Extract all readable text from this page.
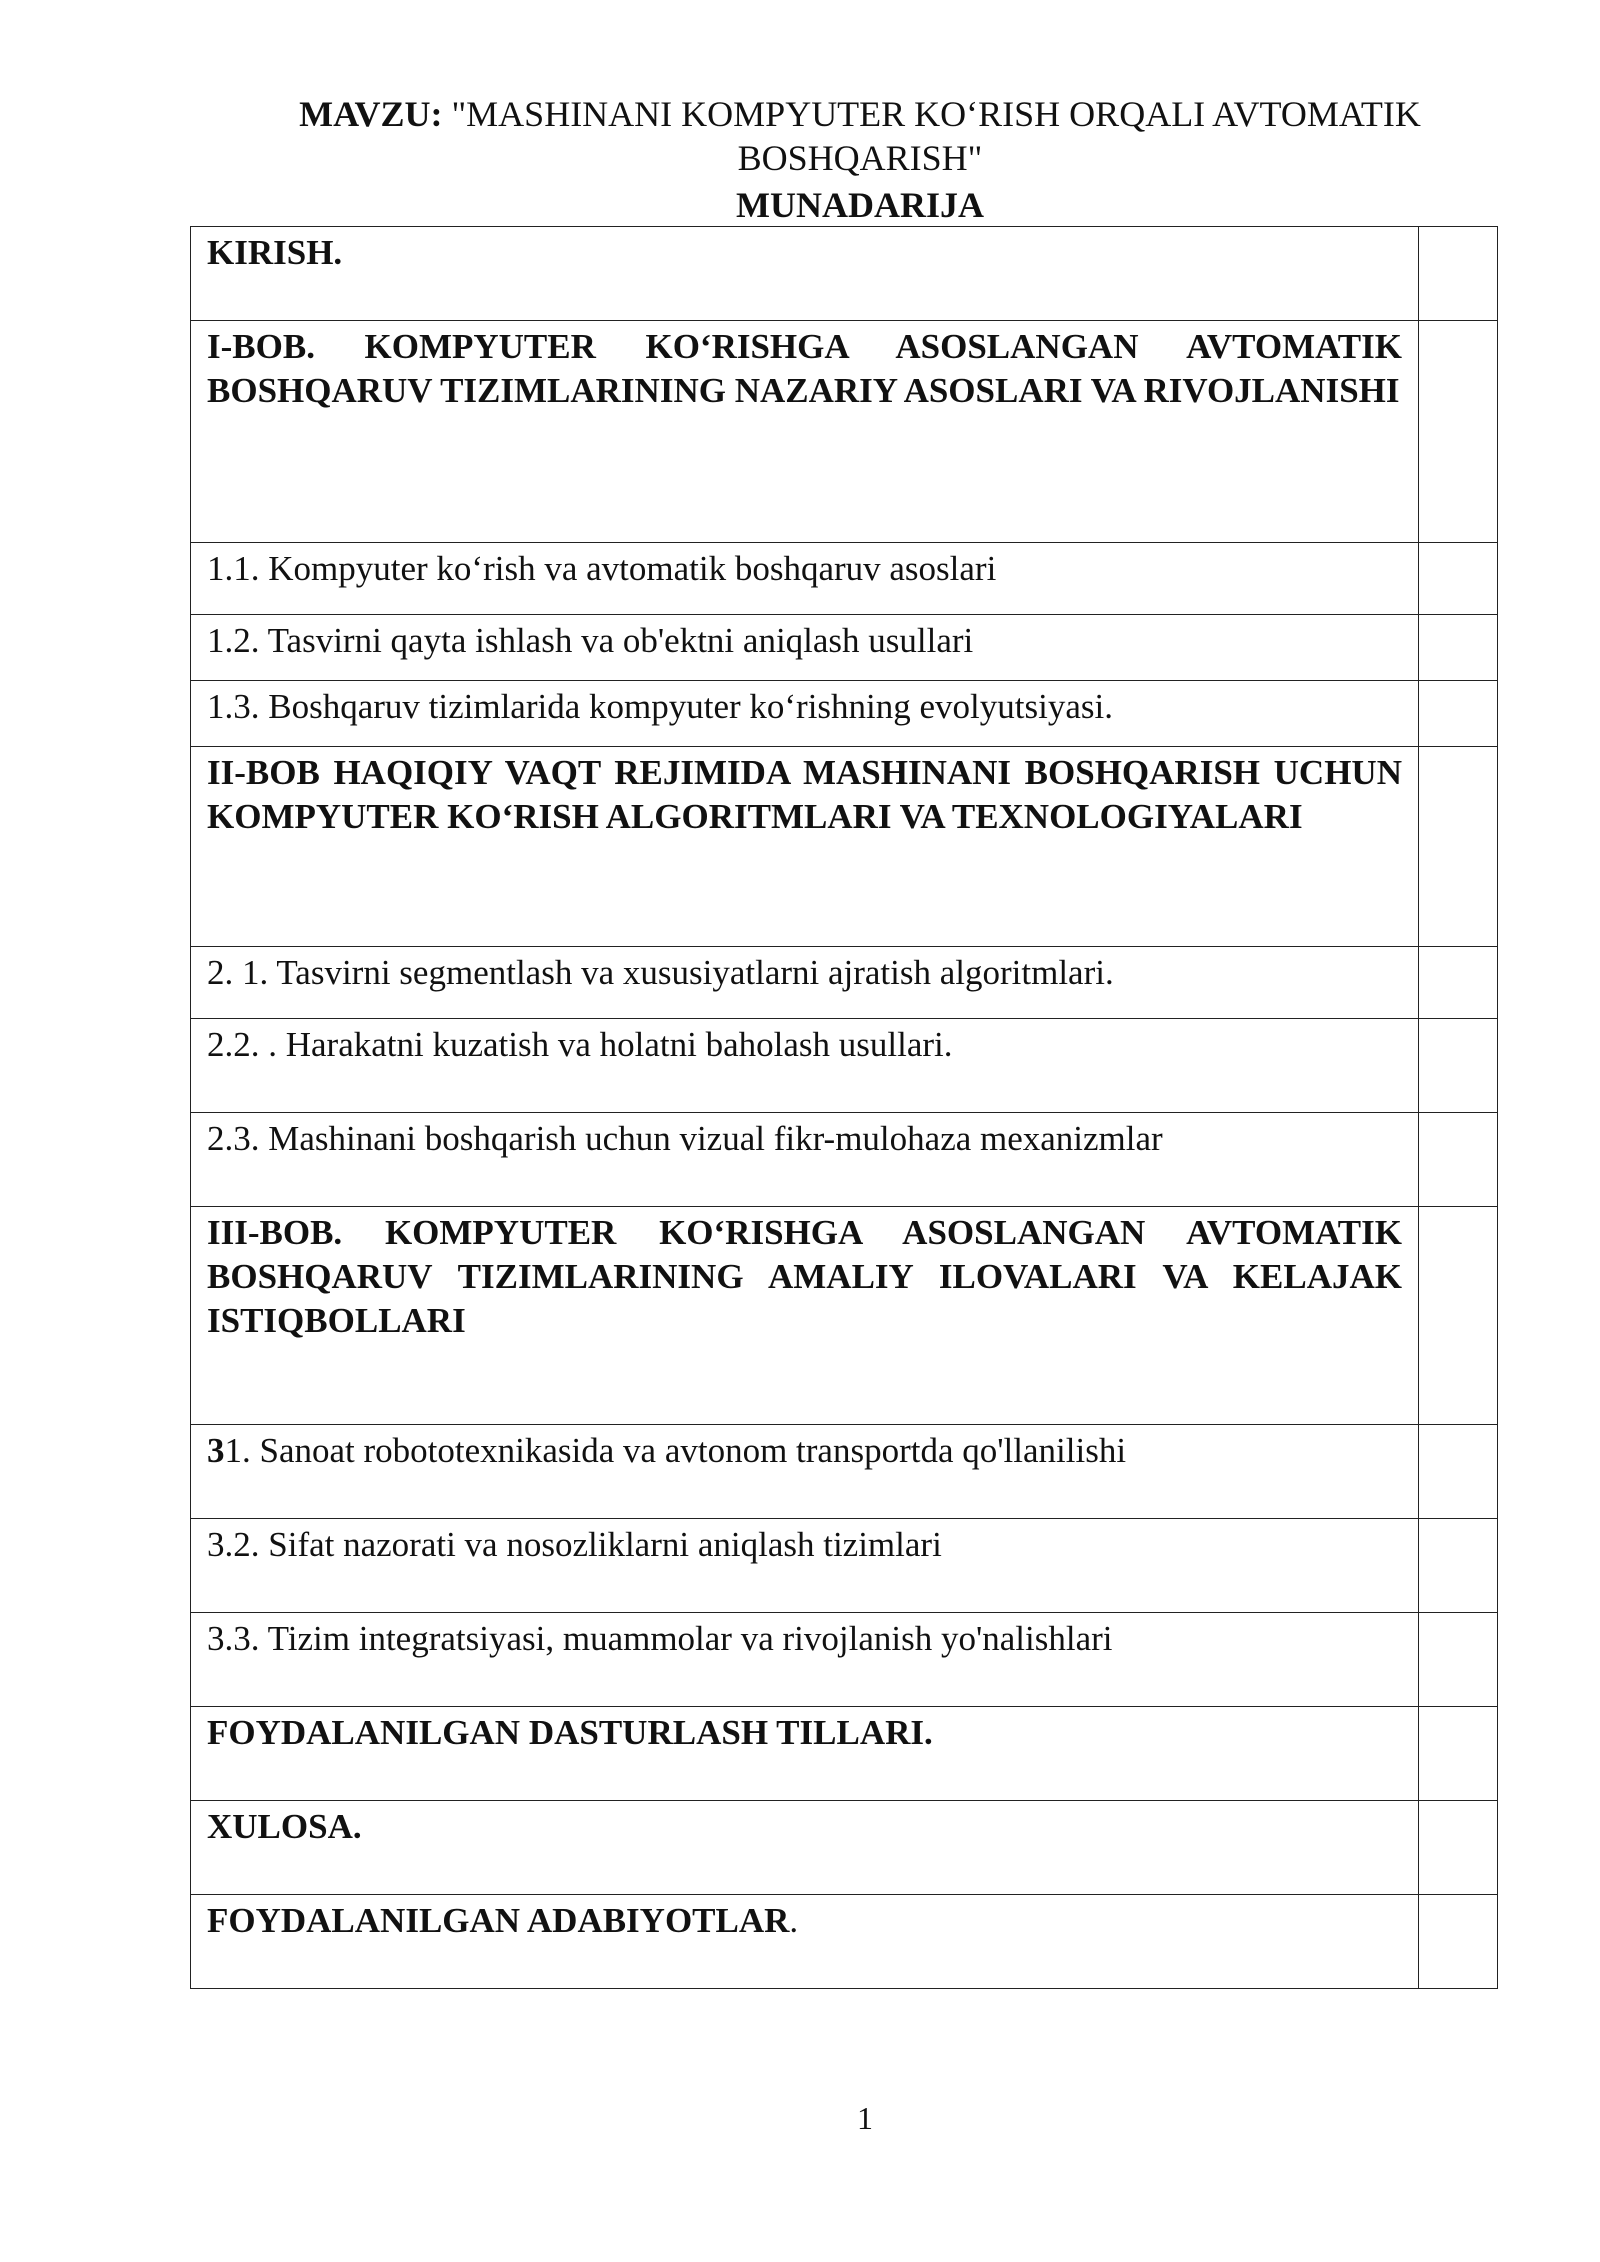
MAVZU: "MASHINANI KOMPYUTER KO‘RISH ORQALI AVTOMATIK BOSHQARISH"
MUNADARIJA
KIRISH.	
I-BOB. KOMPYUTER KO‘RISHGA ASOSLANGAN AVTOMATIK BOSHQARUV TIZIMLARINING NAZARIY ASOSLARI VA RIVOJLANISHI	
1.1. Kompyuter ko‘rish va avtomatik boshqaruv asoslari	
1.2. Tasvirni qayta ishlash va ob'ektni aniqlash usullari	
1.3. Boshqaruv tizimlarida kompyuter ko‘rishning evolyutsiyasi.	
II-BOB HAQIQIY VAQT REJIMIDA MASHINANI BOSHQARISH UCHUN KOMPYUTER KO‘RISH ALGORITMLARI VA TEXNOLOGIYALARI	
2. 1. Tasvirni segmentlash va xususiyatlarni ajratish algoritmlari.	
2.2. . Harakatni kuzatish va holatni baholash usullari.	
2.3. Mashinani boshqarish uchun vizual fikr-mulohaza mexanizmlar	
III-BOB. KOMPYUTER KO‘RISHGA ASOSLANGAN AVTOMATIK BOSHQARUV TIZIMLARINING AMALIY ILOVALARI VA KELAJAK ISTIQBOLLARI	
31. Sanoat robototexnikasida va avtonom transportda qo'llanilishi	
3.2. Sifat nazorati va nosozliklarni aniqlash tizimlari	
3.3. Tizim integratsiyasi, muammolar va rivojlanish yo'nalishlari	
FOYDALANILGAN DASTURLASH TILLARI.	
XULOSA.	
FOYDALANILGAN ADABIYOTLAR.	
1
